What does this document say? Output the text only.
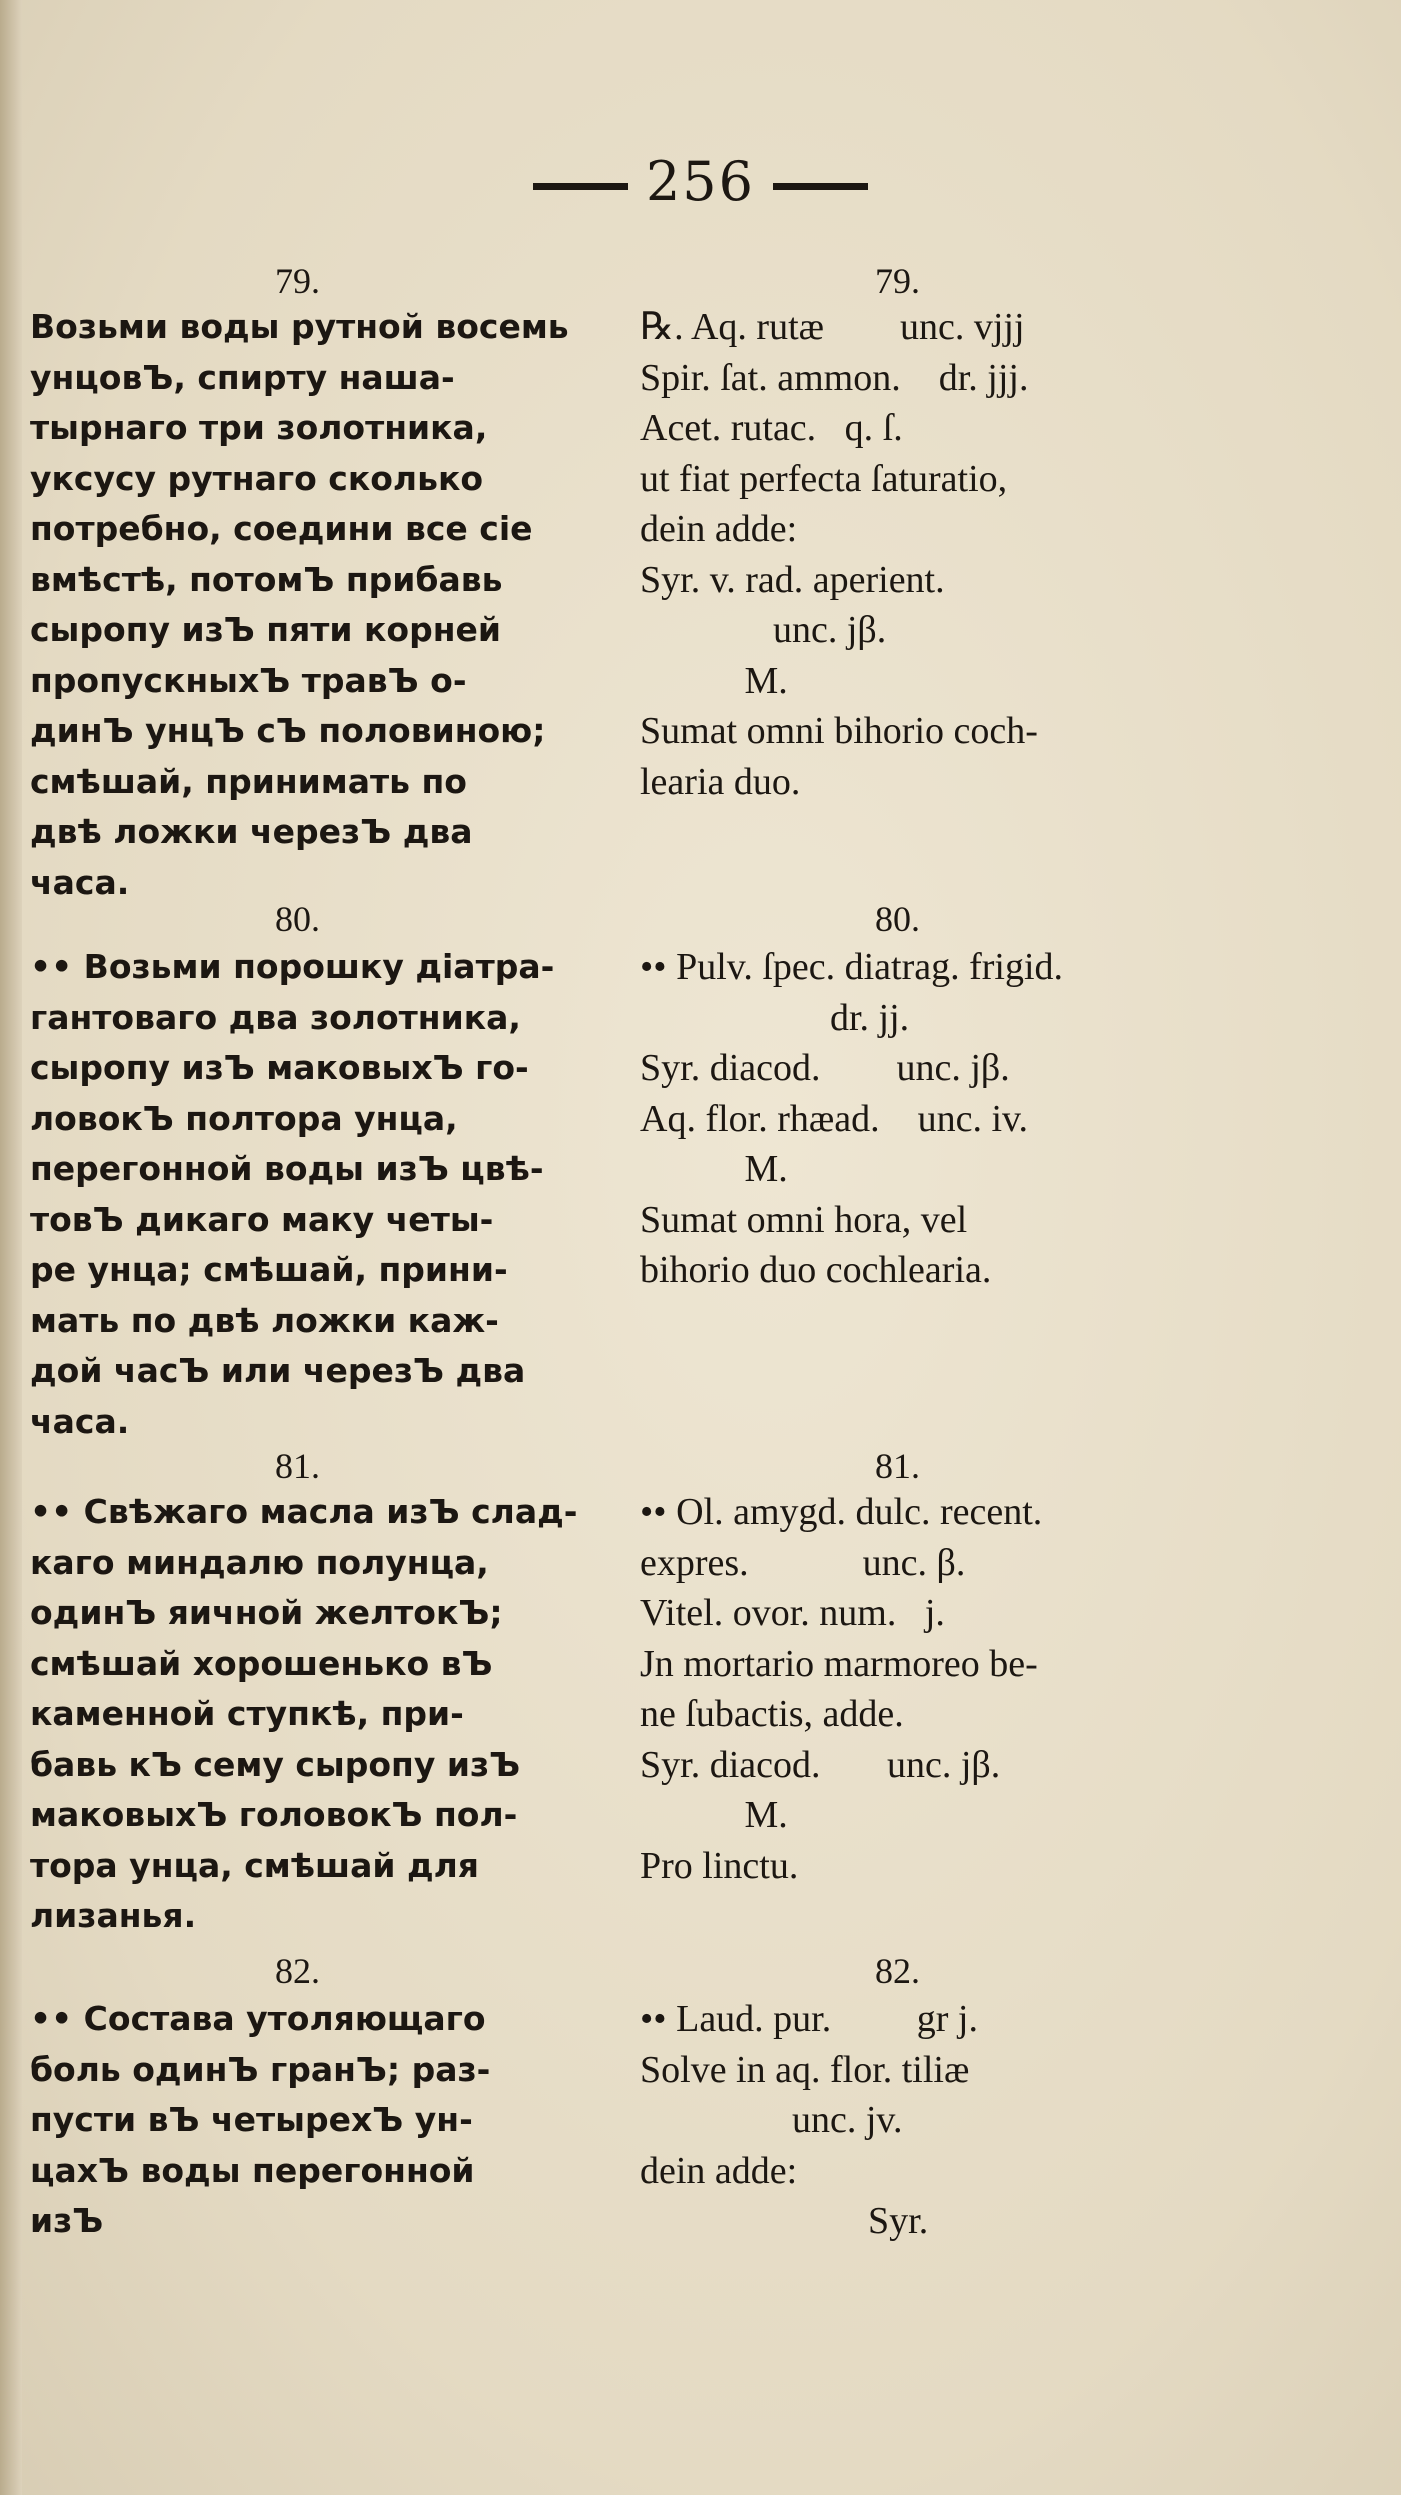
256
79.
Возьми воды рутной восемь
унцовЪ, спирту наша-
тырнаго три золотника,
уксусу рутнаго сколько
потребно, соедини все сіе
вмѣстѣ, потомЪ прибавь
сыропу изЪ пяти корней
пропускныхЪ травЪ о-
динЪ унцЪ сЪ половиною;
смѣшай, принимать по
двѣ ложки черезЪ два
часа.
80.
•• Возьми порошку діатра-
гантоваго два золотника,
сыропу изЪ маковыхЪ го-
ловокЪ полтора унца,
перегонной воды изЪ цвѣ-
товЪ дикаго маку четы-
ре унца; смѣшай, прини-
мать по двѣ ложки каж-
дой часЪ или черезЪ два
часа.
81.
•• Свѣжаго масла изЪ слад-
каго миндалю полунца,
одинЪ яичной желтокЪ;
смѣшай хорошенько вЪ
каменной ступкѣ, при-
бавь кЪ сему сыропу изЪ
маковыхЪ головокЪ пол-
тора унца, смѣшай для
лизанья.
82.
•• Состава утоляющаго
боль одинЪ гранЪ; раз-
пусти вЪ четырехЪ ун-
цахЪ воды перегонной
изЪ
79.
℞. Aq. rutæ        unc. vjjj
Spir. ſat. ammon.    dr. jjj.
Acet. rutac.   q. ſ.
ut fiat perfecta ſaturatio,
dein adde:
Syr. v. rad. aperient.
unc. jβ.
M.
Sumat omni bihorio coch-
learia duo.
80.
•• Pulv. ſpec. diatrag. frigid.
dr. jj.
Syr. diacod.        unc. jβ.
Aq. flor. rhæad.    unc. iv.
M.
Sumat omni hora, vel
bihorio duo cochlearia.
81.
•• Ol. amygd. dulc. recent.
expres.            unc. β.
Vitel. ovor. num.   j.
Jn mortario marmoreo be-
ne ſubactis, adde.
Syr. diacod.       unc. jβ.
M.
Pro linctu.
82.
•• Laud. pur.         gr j.
Solve in aq. flor. tiliæ
unc. jv.
dein adde:
Syr.
